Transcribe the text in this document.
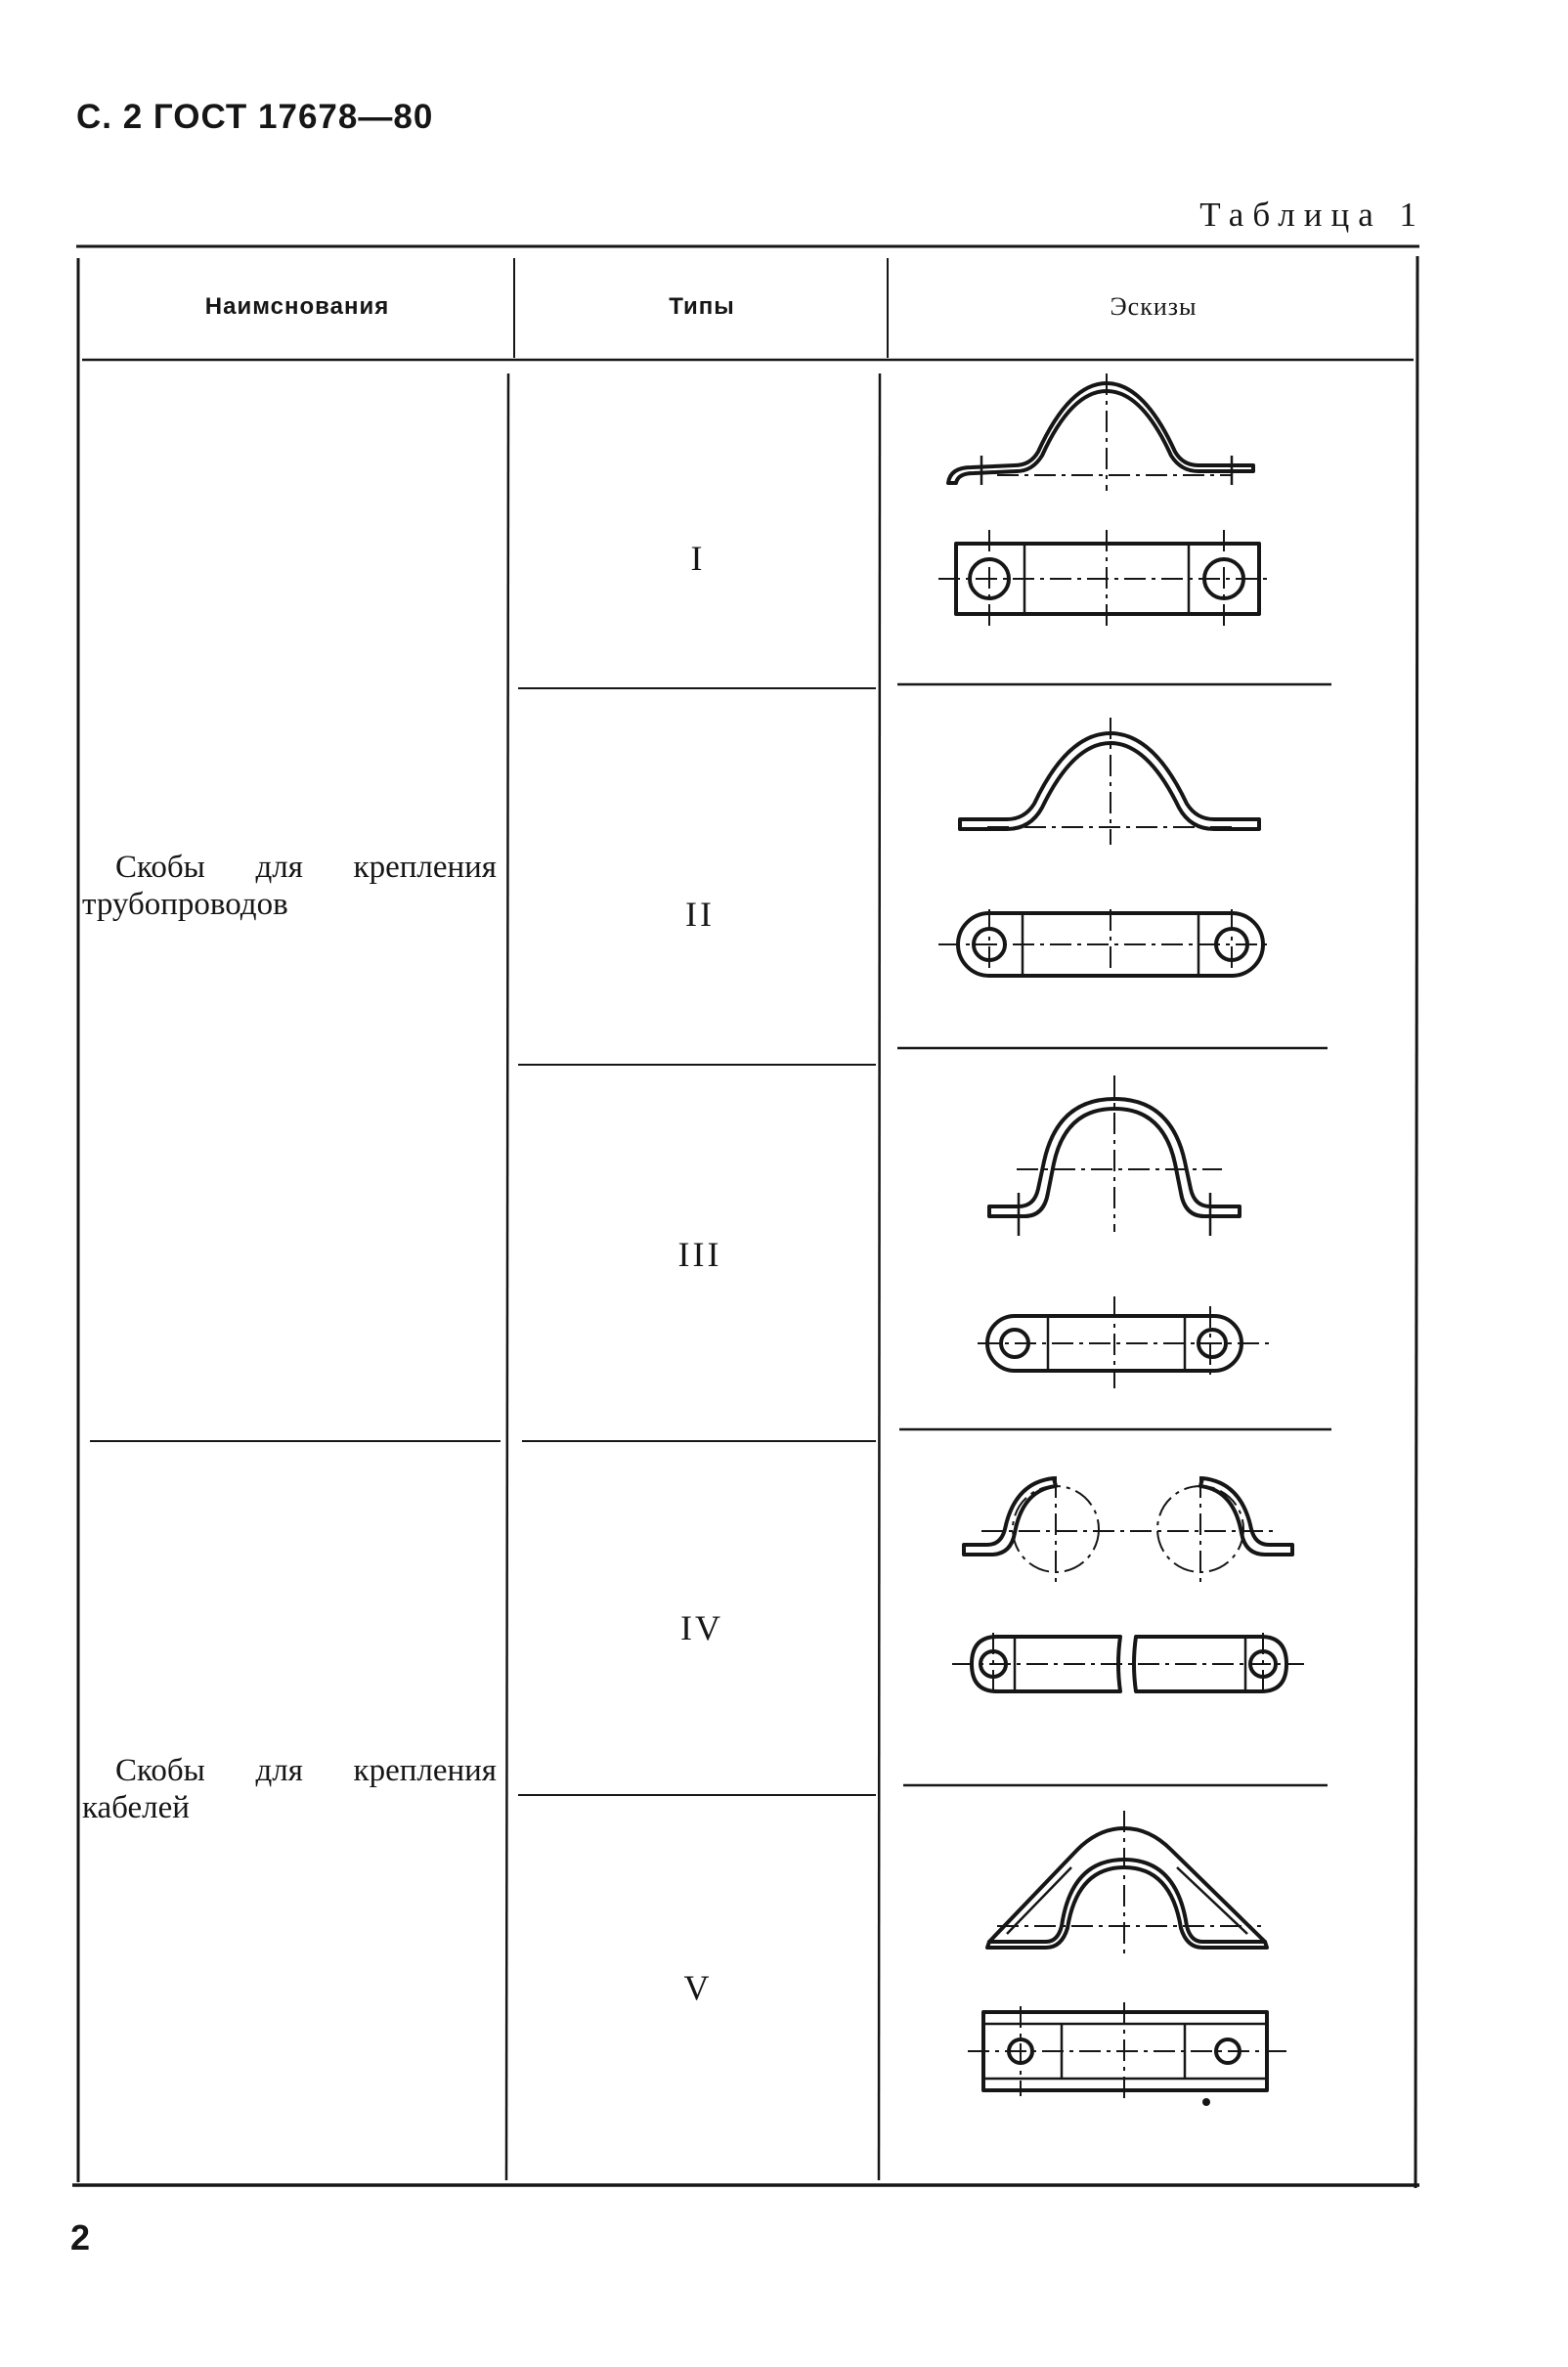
С. 2 ГОСТ 17678—80
Таблица 1
Наимснования	Типы	Эскизы
Скобы для крепления
трубопроводов
Скобы для крепления
кабелей
I
II
III
IV
V
2
